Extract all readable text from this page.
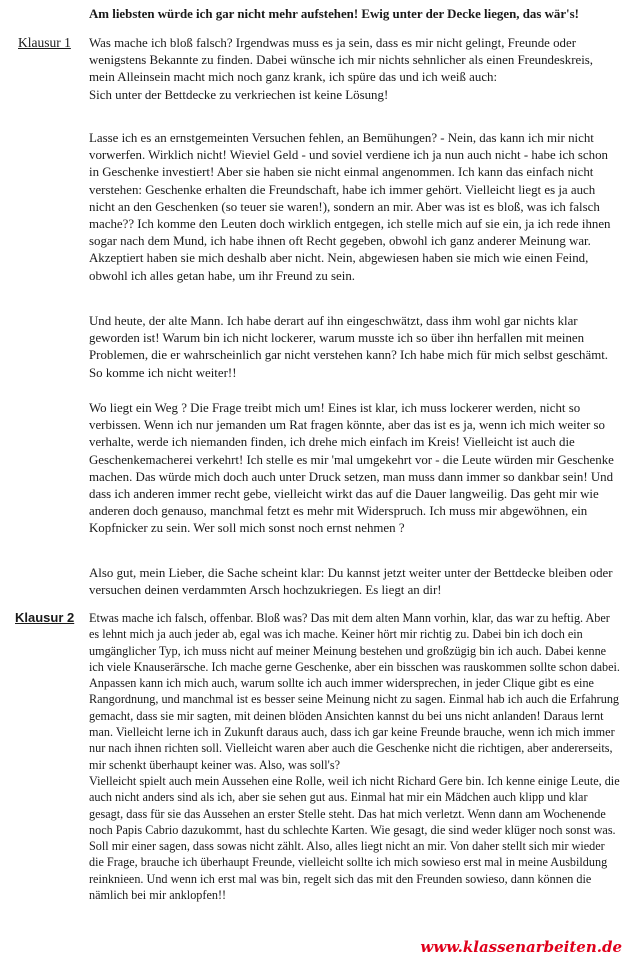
Am liebsten würde ich gar nicht mehr aufstehen! Ewig unter der Decke liegen, das wär's!
Klausur 1 Was mache ich bloß falsch? Irgendwas muss es ja sein, dass es mir nicht gelingt, Freunde oder wenigstens Bekannte zu finden. Dabei wünsche ich mir nichts sehnlicher als einen Freundeskreis, mein Alleinsein macht mich noch ganz krank, ich spüre das und ich weiß auch:

Sich unter der Bettdecke zu verkriechen ist keine Lösung!

Lasse ich es an ernstgemeinten Versuchen fehlen, an Bemühungen? - Nein, das kann ich mir nicht vorwerfen. Wirklich nicht! Wieviel Geld - und soviel verdiene ich ja nun auch nicht - habe ich schon in Geschenke investiert! Aber sie haben sie nicht einmal angenommen. Ich kann das einfach nicht verstehen: Geschenke erhalten die Freundschaft, habe ich immer gehört. Vielleicht liegt es ja auch nicht an den Geschenken (so teuer sie waren!), sondern an mir. Aber was ist es bloß, was ich falsch mache?? Ich komme den Leuten doch wirklich entgegen, ich stelle mich auf sie ein, ja ich rede ihnen sogar nach dem Mund, ich habe ihnen oft Recht gegeben, obwohl ich ganz anderer Meinung war. Akzeptiert haben sie mich deshalb aber nicht. Nein, abgewiesen haben sie mich wie einen Feind, obwohl ich alles getan habe, um ihr Freund zu sein.
Und heute, der alte Mann. Ich habe derart auf ihn eingeschwätzt, dass ihm wohl gar nichts klar geworden ist! Warum bin ich nicht lockerer, warum musste ich so über ihn herfallen mit meinen Problemen, die er wahrscheinlich gar nicht verstehen kann? Ich habe mich für mich selbst geschämt. So komme ich nicht weiter!!
Wo liegt ein Weg ? Die Frage treibt mich um! Eines ist klar, ich muss lockerer werden, nicht so verbissen. Wenn ich nur jemanden um Rat fragen könnte, aber das ist es ja, wenn ich mich weiter so verhalte, werde ich niemanden finden, ich drehe mich einfach im Kreis! Vielleicht ist auch die Geschenkemacherei verkehrt! Ich stelle es mir 'mal umgekehrt vor - die Leute würden mir Geschenke machen. Das würde mich doch auch unter Druck setzen, man muss dann immer so dankbar sein! Und dass ich anderen immer recht gebe, vielleicht wirkt das auf die Dauer langweilig. Das geht mir wie anderen doch genauso, manchmal fetzt es mehr mit Widerspruch. Ich muss mir abgewöhnen, ein Kopfnicker zu sein. Wer soll mich sonst noch ernst nehmen ?
Also gut, mein Lieber, die Sache scheint klar: Du kannst jetzt weiter unter der Bettdecke bleiben oder versuchen deinen verdammten Arsch hochzukriegen. Es liegt an dir!
Klausur 2 Etwas mache ich falsch, offenbar. Bloß was? Das mit dem alten Mann vorhin, klar, das war zu heftig. Aber es lehnt mich ja auch jeder ab, egal was ich mache. Keiner hört mir richtig zu. Dabei bin ich doch ein umgänglicher Typ, ich muss nicht auf meiner Meinung bestehen und großzügig bin ich auch. Dabei kenne ich viele Knauserärsche. Ich mache gerne Geschenke, aber ein bisschen was rauskommen sollte schon dabei. Anpassen kann ich mich auch, warum sollte ich auch immer widersprechen, in jeder Clique gibt es eine Rangordnung, und manchmal ist es besser seine Meinung nicht zu sagen. Einmal hab ich auch die Erfahrung gemacht, dass sie mir sagten, mit deinen blöden Ansichten kannst du bei uns nicht anlanden! Daraus lernt man. Vielleicht lerne ich in Zukunft daraus auch, dass ich gar keine Freunde brauche, wenn ich mich immer nur nach ihnen richten soll. Vielleicht waren aber auch die Geschenke nicht die richtigen, aber andererseits, mir schenkt überhaupt keiner was. Also, was soll's?

Vielleicht spielt auch mein Aussehen eine Rolle, weil ich nicht Richard Gere bin. Ich kenne einige Leute, die auch nicht anders sind als ich, aber sie sehen gut aus. Einmal hat mir ein Mädchen auch klipp und klar gesagt, dass für sie das Aussehen an erster Stelle steht. Das hat mich verletzt. Wenn dann am Wochenende noch Papis Cabrio dazukommt, hast du schlechte Karten. Wie gesagt, die sind weder klüger noch sonst was. Soll mir einer sagen, dass sowas nicht zählt. Also, alles liegt nicht an mir. Von daher stellt sich mir wieder die Frage, brauche ich überhaupt Freunde, vielleicht sollte ich mich sowieso erst mal in meine Ausbildung reinknieen. Und wenn ich erst mal was bin, regelt sich das mit den Freunden sowieso, dann können die nämlich bei mir anklopfen!!

www.klassenarbeiten.de
